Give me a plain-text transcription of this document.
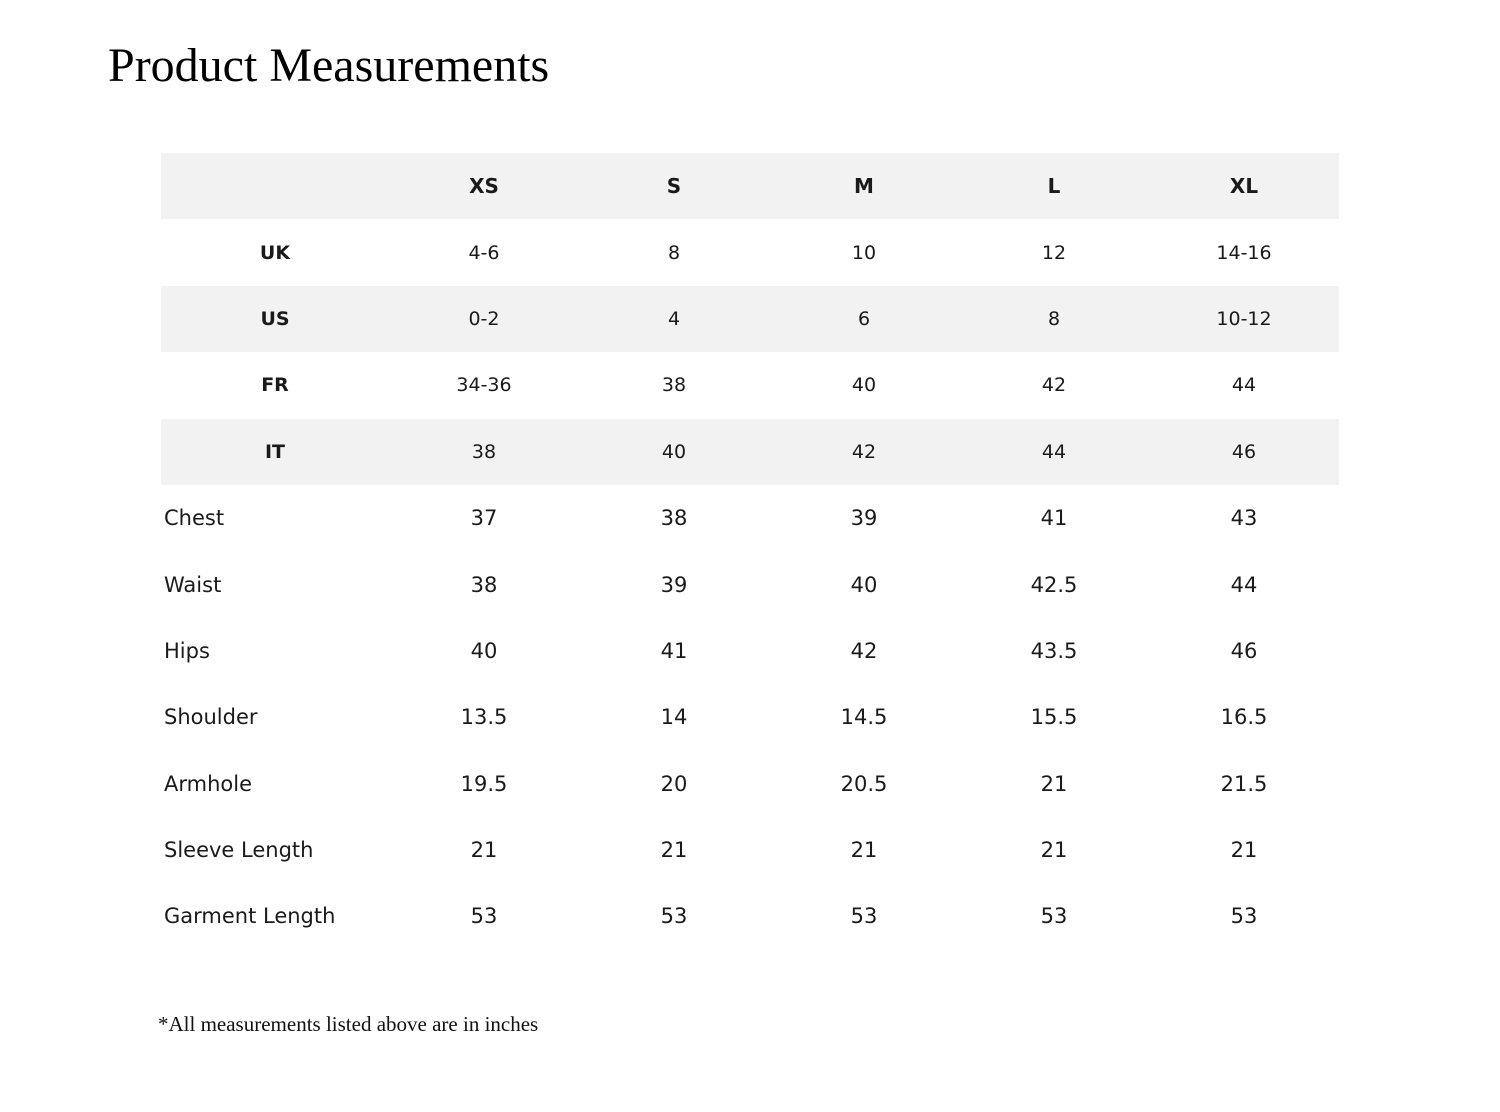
Product Measurements
	XS	S	M	L	XL
UK	4-6	8	10	12	14-16
US	0-2	4	6	8	10-12
FR	34-36	38	40	42	44
IT	38	40	42	44	46
Chest	37	38	39	41	43
Waist	38	39	40	42.5	44
Hips	40	41	42	43.5	46
Shoulder	13.5	14	14.5	15.5	16.5
Armhole	19.5	20	20.5	21	21.5
Sleeve Length	21	21	21	21	21
Garment Length	53	53	53	53	53

*All measurements listed above are in inches
